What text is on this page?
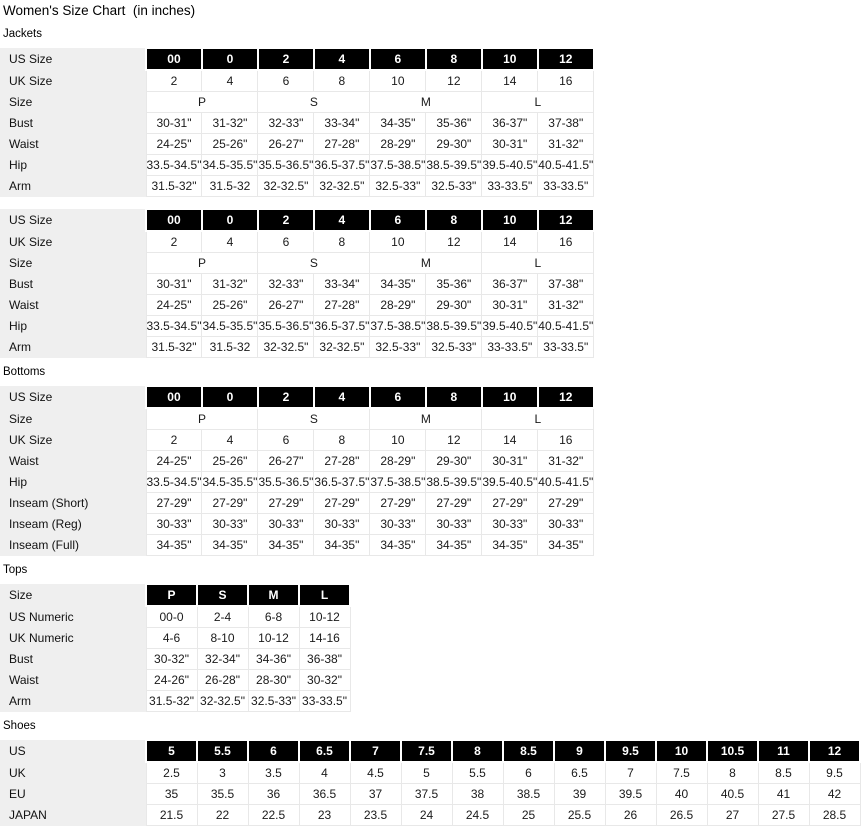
Women's Size Chart  (in inches)
Jackets
US Size	00	0	2	4	6	8	10	12
UK Size	2	4	6	8	10	12	14	16
Size	P		S		M		L	
Bust	30-31"	31-32"	32-33"	33-34"	34-35"	35-36"	36-37"	37-38"
Waist	24-25"	25-26"	26-27"	27-28"	28-29"	29-30"	30-31"	31-32"
Hip	33.5-34.5"	34.5-35.5"	35.5-36.5"	36.5-37.5"	37.5-38.5"	38.5-39.5"	39.5-40.5"	40.5-41.5"
Arm	31.5-32"	31.5-32	32-32.5"	32-32.5"	32.5-33"	32.5-33"	33-33.5"	33-33.5"
US Size	00	0	2	4	6	8	10	12
UK Size	2	4	6	8	10	12	14	16
Size	P		S		M		L	
Bust	30-31"	31-32"	32-33"	33-34"	34-35"	35-36"	36-37"	37-38"
Waist	24-25"	25-26"	26-27"	27-28"	28-29"	29-30"	30-31"	31-32"
Hip	33.5-34.5"	34.5-35.5"	35.5-36.5"	36.5-37.5"	37.5-38.5"	38.5-39.5"	39.5-40.5"	40.5-41.5"
Arm	31.5-32"	31.5-32	32-32.5"	32-32.5"	32.5-33"	32.5-33"	33-33.5"	33-33.5"
Bottoms
US Size	00	0	2	4	6	8	10	12
Size	P		S		M		L	
UK Size	2	4	6	8	10	12	14	16
Waist	24-25"	25-26"	26-27"	27-28"	28-29"	29-30"	30-31"	31-32"
Hip	33.5-34.5"	34.5-35.5"	35.5-36.5"	36.5-37.5"	37.5-38.5"	38.5-39.5"	39.5-40.5"	40.5-41.5"
Inseam (Short)	27-29"	27-29"	27-29"	27-29"	27-29"	27-29"	27-29"	27-29"
Inseam (Reg)	30-33"	30-33"	30-33"	30-33"	30-33"	30-33"	30-33"	30-33"
Inseam (Full)	34-35"	34-35"	34-35"	34-35"	34-35"	34-35"	34-35"	34-35"
Tops
Size	P	S	M	L
US Numeric	00-0	2-4	6-8	10-12
UK Numeric	4-6	8-10	10-12	14-16
Bust	30-32"	32-34"	34-36"	36-38"
Waist	24-26"	26-28"	28-30"	30-32"
Arm	31.5-32"	32-32.5"	32.5-33"	33-33.5"
Shoes
US	5	5.5	6	6.5	7	7.5	8	8.5	9	9.5	10	10.5	11	12
UK	2.5	3	3.5	4	4.5	5	5.5	6	6.5	7	7.5	8	8.5	9.5
EU	35	35.5	36	36.5	37	37.5	38	38.5	39	39.5	40	40.5	41	42
JAPAN	21.5	22	22.5	23	23.5	24	24.5	25	25.5	26	26.5	27	27.5	28.5
